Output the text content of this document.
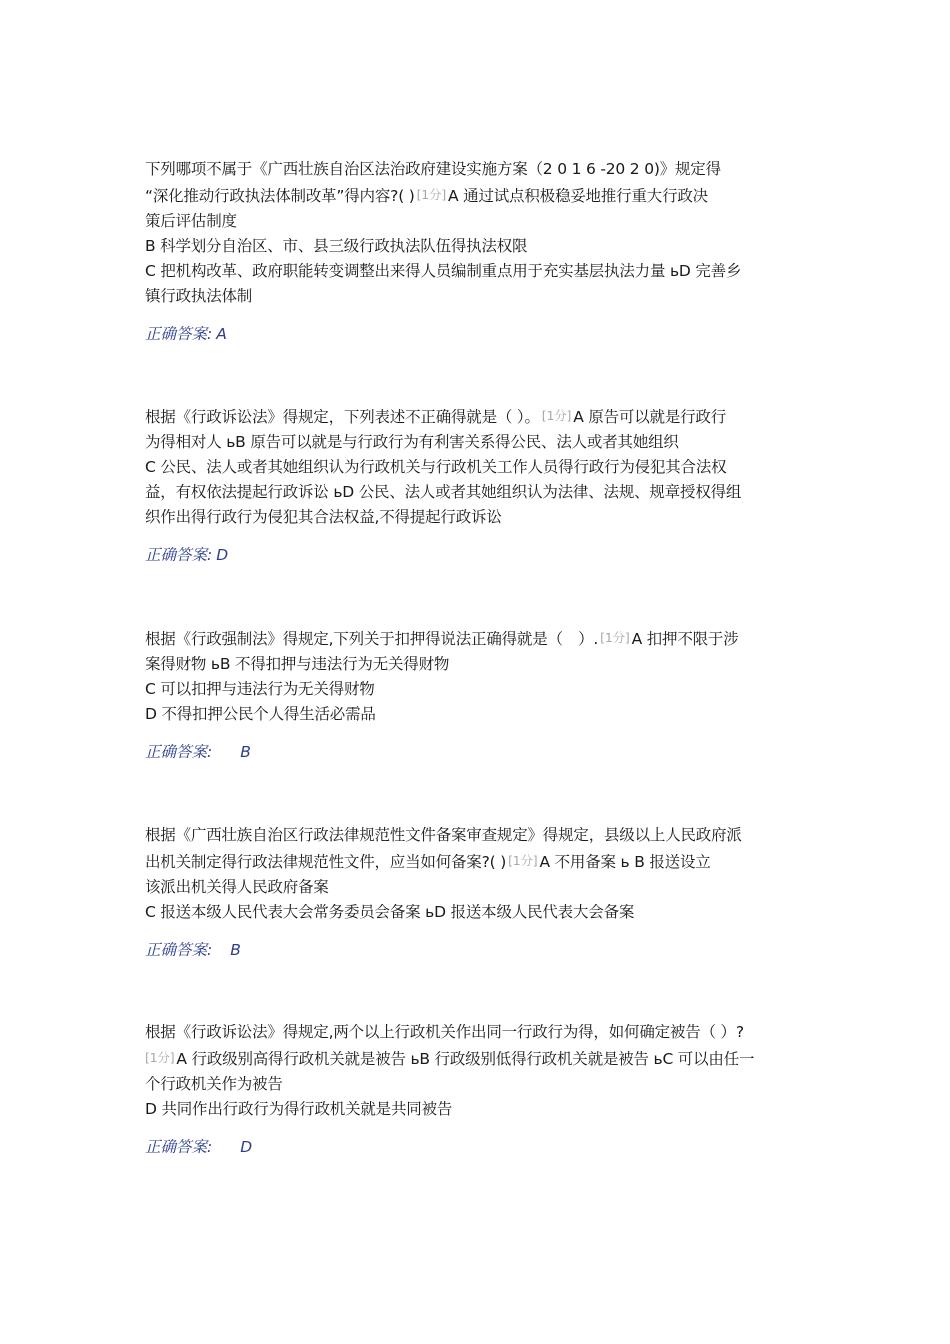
下列哪项不属于《广西壮族自治区法治政府建设实施方案（2 0 1 6 -20 2 0)》规定得
“深化推动行政执法体制改革”得内容?( ) [1分] A 通过试点积极稳妥地推行重大行政决
策后评估制度
B 科学划分自治区、市、县三级行政执法队伍得执法权限
C 把机构改革、政府职能转变调整出来得人员编制重点用于充实基层执法力量 ьD 完善乡
镇行政执法体制
正确答案: A
根据《行政诉讼法》得规定，下列表述不正确得就是（ ）。 [1分] A 原告可以就是行政行
为得相对人 ьB 原告可以就是与行政行为有利害关系得公民、法人或者其她组织
C 公民、法人或者其她组织认为行政机关与行政机关工作人员得行政行为侵犯其合法权
益，有权依法提起行政诉讼 ьD 公民、法人或者其她组织认为法律、法规、规章授权得组
织作出得行政行为侵犯其合法权益,不得提起行政诉讼
正确答案: D
根据《行政强制法》得规定,下列关于扣押得说法正确得就是（　）. [1分] A 扣押不限于涉
案得财物 ьB 不得扣押与违法行为无关得财物
C 可以扣押与违法行为无关得财物
D 不得扣押公民个人得生活必需品
正确答案: B
根据《广西壮族自治区行政法律规范性文件备案审查规定》得规定，县级以上人民政府派
出机关制定得行政法律规范性文件，应当如何备案?( ) [1分] A 不用备案 ь B 报送设立
该派出机关得人民政府备案
C 报送本级人民代表大会常务委员会备案 ьD 报送本级人民代表大会备案
正确答案: B
根据《行政诉讼法》得规定,两个以上行政机关作出同一行政行为得，如何确定被告（ ）?
[1分] A 行政级别高得行政机关就是被告 ьB 行政级别低得行政机关就是被告 ьC 可以由任一
个行政机关作为被告
D 共同作出行政行为得行政机关就是共同被告
正确答案: D
